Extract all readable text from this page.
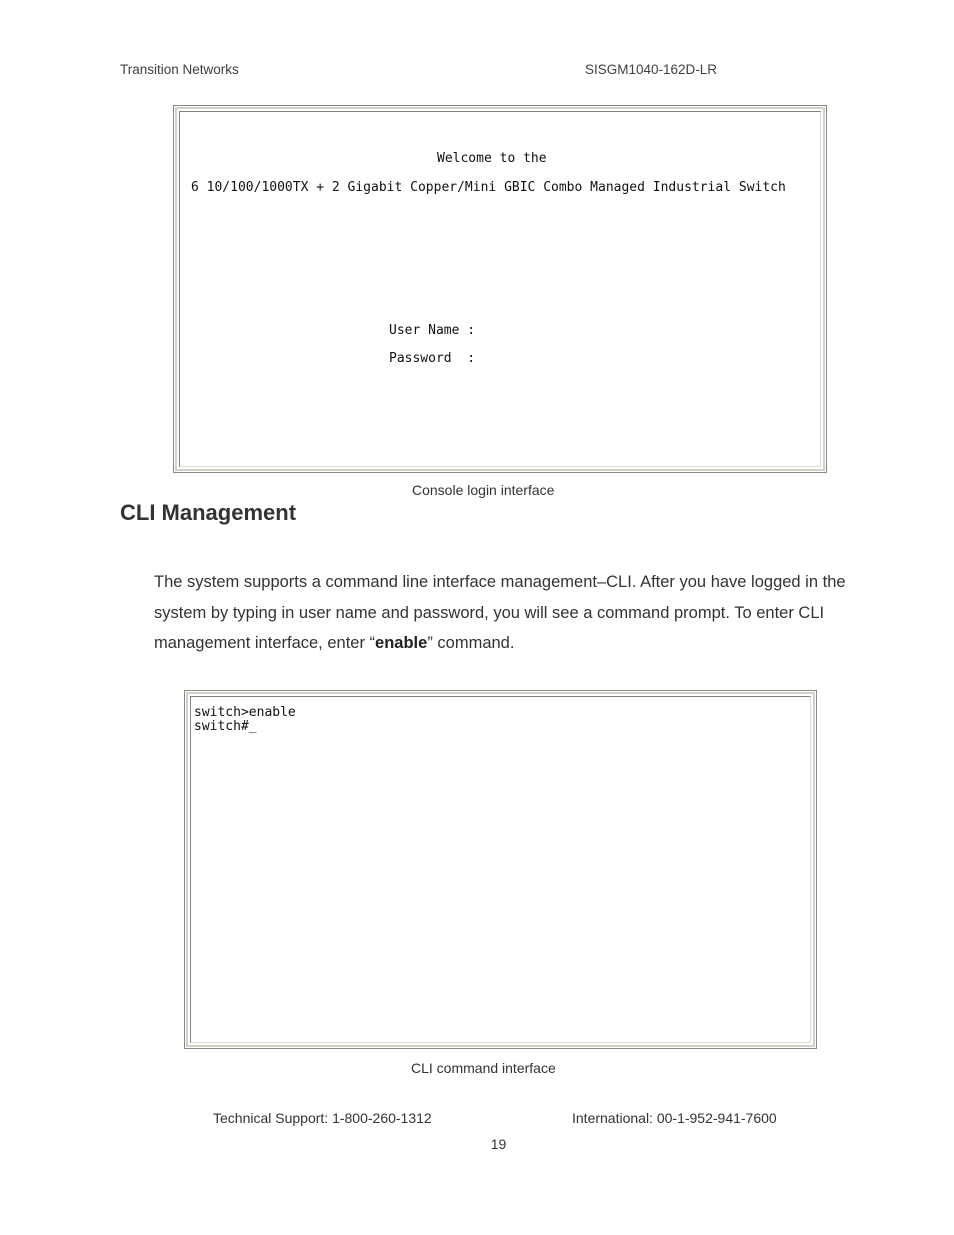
Transition Networks	SISGM1040-162D-LR
Welcome to the
6 10/100/1000TX + 2 Gigabit Copper/Mini GBIC Combo Managed Industrial Switch
User Name :
Password  :
Console login interface
CLI Management
The system supports a command line interface management–CLI. After you have logged in the system by typing in user name and password, you will see a command prompt. To enter CLI management interface, enter “enable” command.
switch>enable
switch#_
CLI command interface
Technical Support: 1-800-260-1312	International: 00-1-952-941-7600
19
